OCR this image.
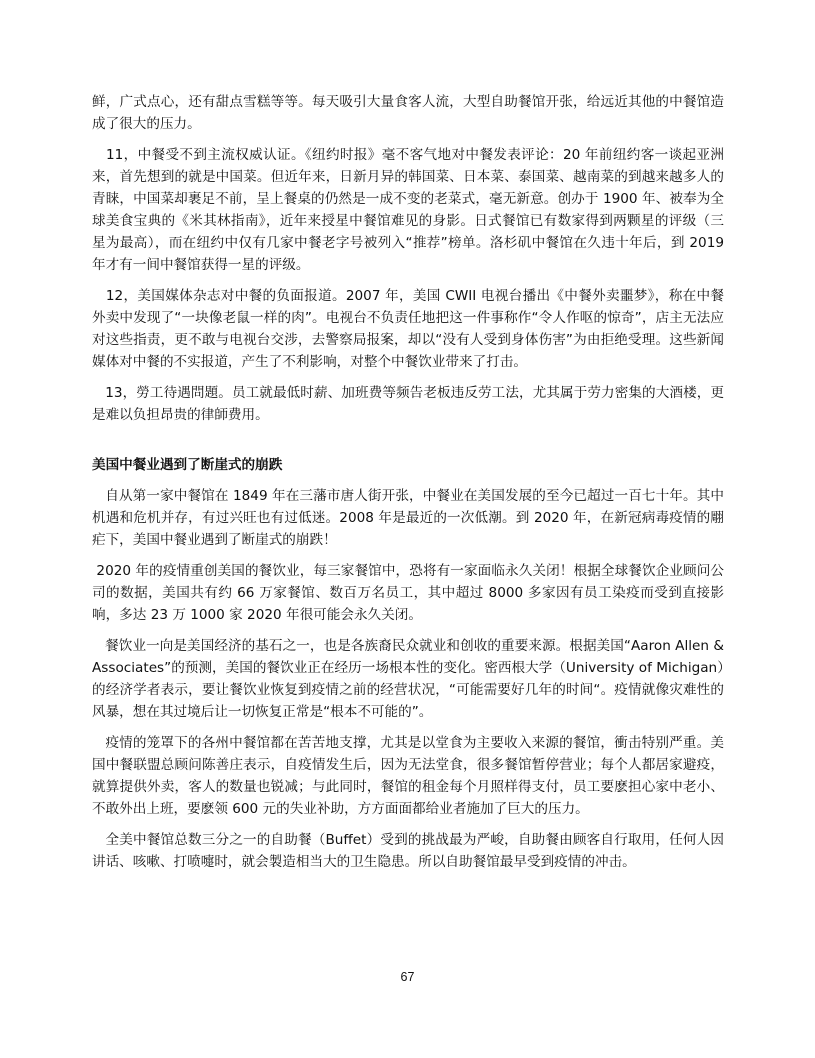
鲜，广式点心，还有甜点雪糕等等。每天吸引大量食客人流，大型自助餐馆开张，给远近其他的中餐馆造成了很大的压力。

11，中餐受不到主流权威认证。《纽约时报》毫不客气地对中餐发表评论：20 年前纽约客一谈起亚洲来，首先想到的就是中国菜。但近年来，日新月异的韩国菜、日本菜、泰国菜、越南菜的到越来越多人的青睐，中国菜却裹足不前，呈上餐桌的仍然是一成不变的老菜式，毫无新意。创办于 1900 年、被奉为全球美食宝典的《米其林指南》，近年来授星中餐馆难见的身影。日式餐馆已有数家得到两颗星的评级（三星为最高），而在纽约中仅有几家中餐老字号被列入“推荐”榜单。洛杉矶中餐馆在久违十年后，到 2019 年才有一间中餐馆获得一星的评级。

12，美国媒体杂志对中餐的负面报道。2007 年，美国 CWII 电视台播出《中餐外卖噩梦》，称在中餐外卖中发现了“一块像老鼠一样的肉”。电视台不负责任地把这一件事称作“令人作呕的惊奇”，店主无法应对这些指责，更不敢与电视台交涉，去警察局报案，却以“没有人受到身体伤害”为由拒绝受理。这些新闻媒体对中餐的不实报道，产生了不利影响，对整个中餐饮业带来了打击。

13，勞工待遇問題。员工就最低时薪、加班费等频告老板违反劳工法，尤其属于劳力密集的大酒楼，更是难以负担昂贵的律師费用。

美国中餐业遇到了断崖式的崩跌

自从第一家中餐馆在 1849 年在三藩市唐人街开张，中餐业在美国发展的至今已超过一百七十年。其中机遇和危机并存，有过兴旺也有过低迷。2008 年是最近的一次低潮。到 2020 年，在新冠病毒疫情的翢疟下，美国中餐业遇到了断崖式的崩跌！

2020 年的疫情重创美国的餐饮业，每三家餐馆中，恐将有一家面临永久关闭！根据全球餐饮企业顾问公司的数据，美国共有约 66 万家餐馆、数百万名员工，其中超过 8000 多家因有员工染疫而受到直接影响，多达 23 万 1000 家 2020 年很可能会永久关闭。

餐饮业一向是美国经济的基石之一，也是各族裔民众就业和创收的重要来源。根据美国“Aaron Allen & Associates”的预测，美国的餐饮业正在经历一场根本性的变化。密西根大学（University of Michigan）的经济学者表示，要让餐饮业恢复到疫情之前的经营状况，“可能需要好几年的时间“。疫情就像灾难性的风暴，想在其过境后让一切恢复正常是“根本不可能的”。

疫情的笼罩下的各州中餐馆都在苦苦地支撑，尤其是以堂食为主要收入来源的餐馆，衝击特别严重。美国中餐联盟总顾问陈善庄表示，自疫情发生后，因为无法堂食，很多餐馆暂停营业；每个人都居家避疫，就算提供外卖，客人的数量也锐减；与此同时，餐馆的租金每个月照样得支付，员工要麽担心家中老小、不敢外出上班，要麽领 600 元的失业补助，方方面面都给业者施加了巨大的压力。

全美中餐馆总数三分之一的自助餐（Buffet）受到的挑战最为严峻，自助餐由顾客自行取用，任何人因讲话、咳嗽、打喷嚏时，就会製造相当大的卫生隐患。所以自助餐馆最早受到疫情的冲击。

67
